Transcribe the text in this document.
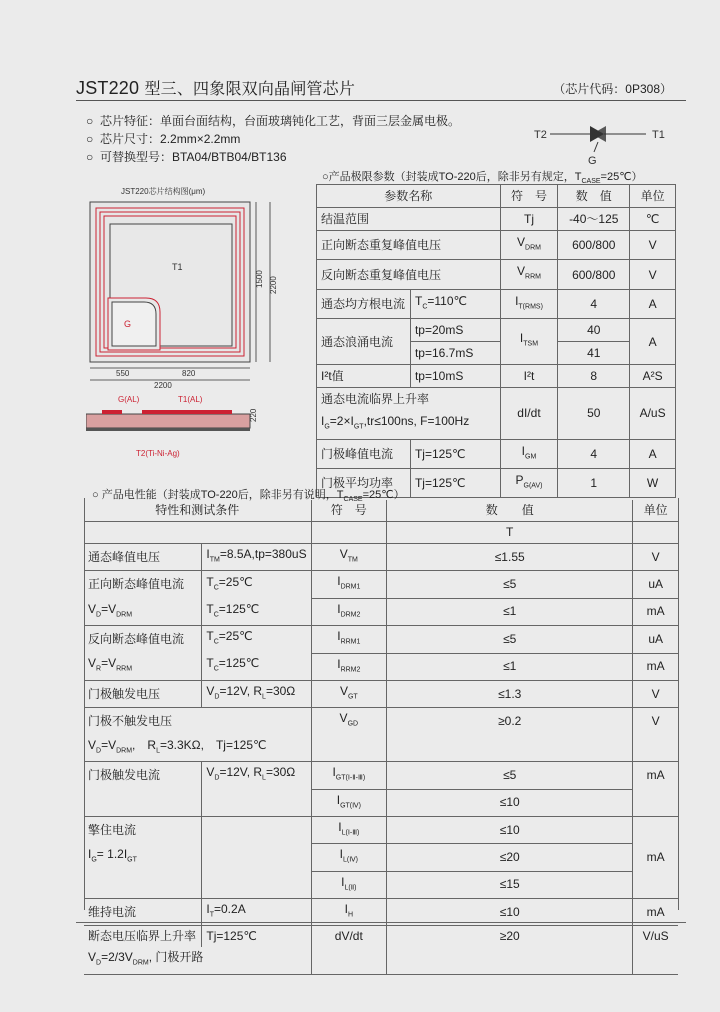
JST220 型三、四象限双向晶闸管芯片	（芯片代码：0P308）
○ 芯片特征：单面台面结构，台面玻璃钝化工艺，背面三层金属电极。
○ 芯片尺寸：2.2mm×2.2mm
○ 可替换型号：BTA04/BTB04/BT136
T2	T1
G
JST220芯片结构图(μm)
T1
G
550	820
2200
1500 2200
G(AL)	T1(AL)
220
T2(Ti-Ni-Ag)
○产品极限参数（封装成TO-220后，除非另有规定，$T_{CASE}=25℃$）
参数名称		符　号	数　值	单位
结温范围		Tj	-40～125	℃
正向断态重复峰值电压		$V_{DRM}$	600/800	V
反向断态重复峰值电压		$V_{RRM}$	600/800	V
通态均方根电流	$T_C=110℃$	$I_{T(RMS)}$	4	A
通态浪涌电流	tp=20mS	$I_{TSM}$	40	A
	tp=16.7mS		41	
I²t值	tp=10mS	I²t	8	A²S
通态电流临界上升率		dI/dt	50	A/uS
$I_G=2\times I_{GT},tr\le 100ns$, F=100Hz				
门极峰值电流	Tj=125℃	$I_{GM}$	4	A
门极平均功率	Tj=125℃	$P_{G(AV)}$	1	W
○ 产品电性能（封装成TO-220后，除非另有说明，$T_{CASE}=25℃$）
特性和测试条件		符　号	数　　值	单位
			T	
通态峰值电压	$I_{TM}=8.5A,tp=380uS$	$V_{TM}$	≤1.55	V
正向断态峰值电流	$T_C=25℃$	$I_{DRM1}$	≤5	uA
$V_D=V_{DRM}$	$T_C=125℃$	$I_{DRM2}$	≤1	mA
反向断态峰值电流	$T_C=25℃$	$I_{RRM1}$	≤5	uA
$V_R=V_{RRM}$	$T_C=125℃$	$I_{RRM2}$	≤1	mA
门极触发电压	$V_D=12V$, $R_L=30\Omega$	$V_{GT}$	≤1.3	V
门极不触发电压		$V_{GD}$	≥0.2	V
$V_D=V_{DRM}$,　$R_L=3.3K\Omega$,　Tj=125℃				
门极触发电流	$V_D=12V$, $R_L=30\Omega$	$I_{GT(Ⅰ-Ⅱ-Ⅲ)}$	≤5	mA
		$I_{GT(Ⅳ)}$	≤10	
擎住电流		$I_{L(Ⅰ-Ⅲ)}$	≤10	
$I_G= 1.2I_{GT}$		$I_{L(Ⅳ)}$	≤20	mA
		$I_{L(Ⅱ)}$	≤15	
维持电流	$I_T=0.2A$	$I_H$	≤10	mA
断态电压临界上升率	Tj=125℃	dV/dt	≥20	V/uS
$V_D=2/3V_{DRM}$, 门极开路				
